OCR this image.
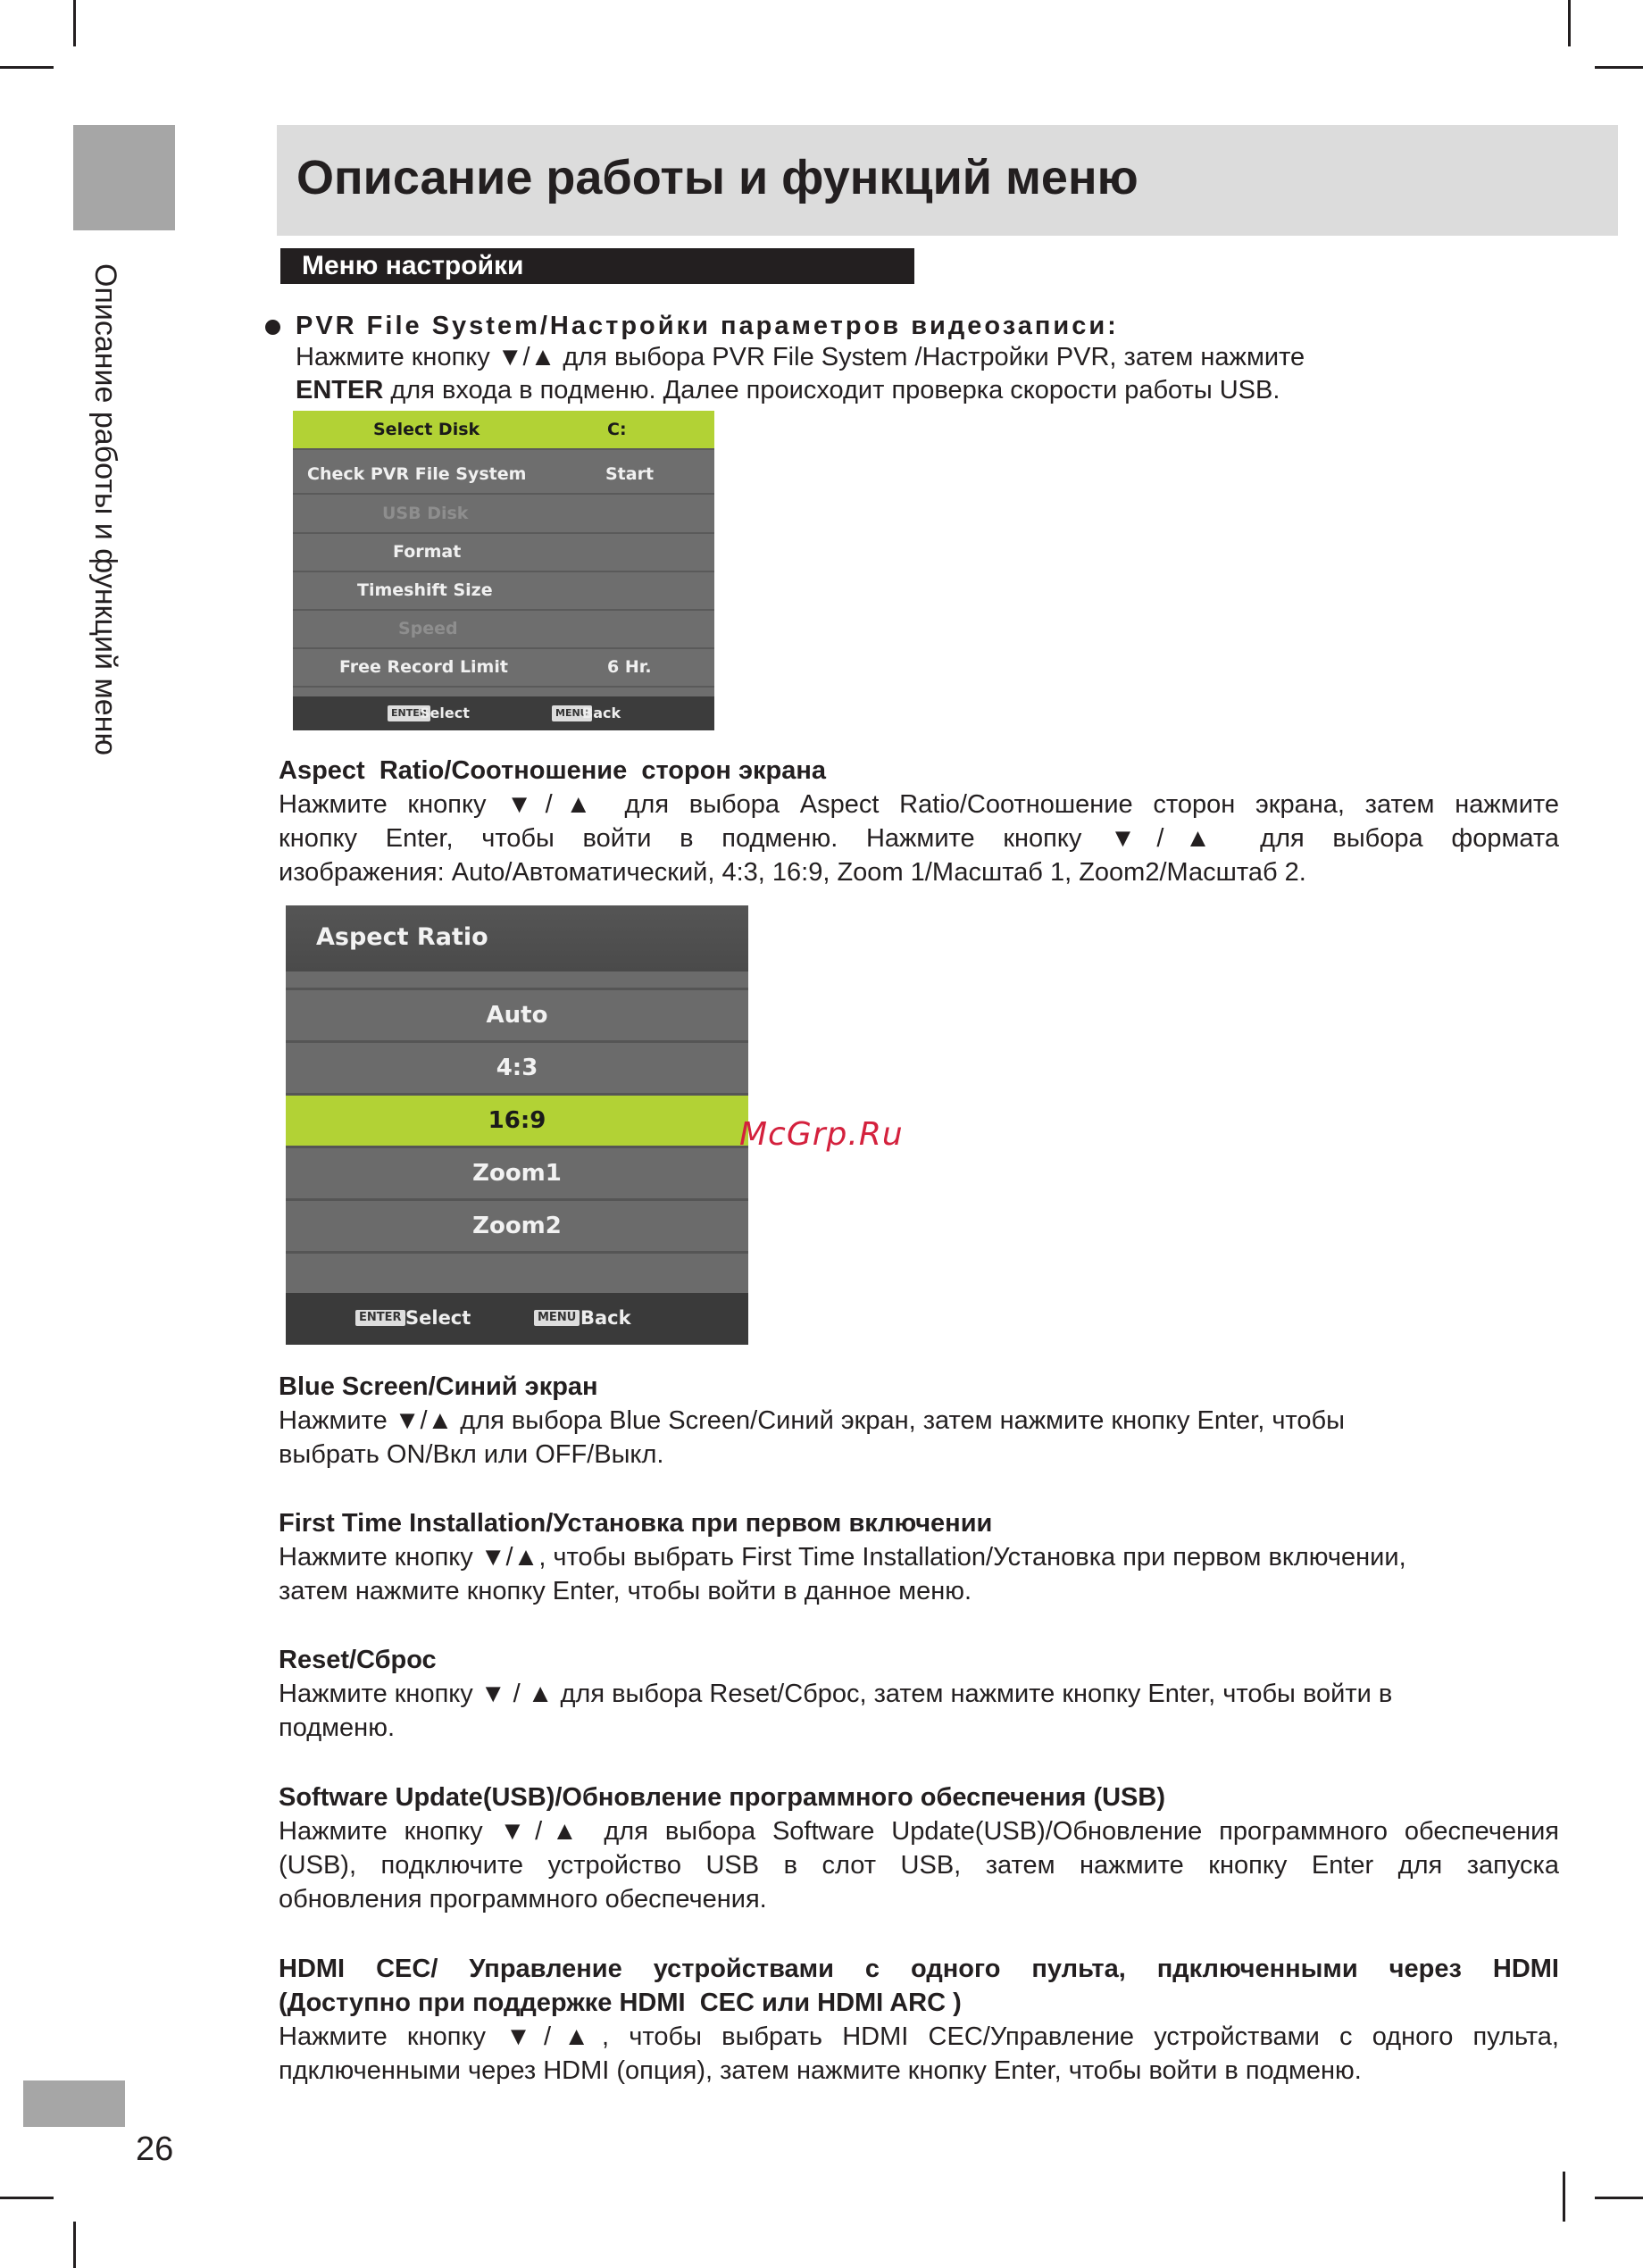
Описание работы и функций меню
Описание работы и функций меню
Меню настройки
PVR File System/Настройки параметров видеозаписи:
Нажмите кнопку ▼/▲ для выбора PVR File System /Настройки PVR, затем нажмите
ENTER для входа в подменю. Далее происходит проверка скорости работы USB.
Select Disk	C:
Check PVR File System	Start
USB Disk
Format
Timeshift Size
Speed
Free Record Limit	6 Hr.
ENTER
Select	MENU
Back
Aspect  Ratio/Соотношение  сторон экрана
Нажмите кнопку ▼/▲ для выбора Aspect Ratio/Соотношение сторон экрана, затем нажмите
кнопку Enter, чтобы войти в подменю. Нажмите кнопку ▼/▲ для выбора формата
изображения: Auto/Автоматический, 4:3, 16:9, Zoom 1/Масштаб 1, Zoom2/Масштаб 2.
Aspect Ratio
Auto
4:3
16:9
Zoom1
Zoom2
ENTER Select	MENU Back
McGrp.Ru
Blue Screen/Синий экран
Нажмите ▼/▲ для выбора Blue Screen/Синий экран, затем нажмите кнопку Enter, чтобы
выбрать ON/Вкл или OFF/Выкл.
First Time Installation/Установка при первом включении
Нажмите кнопку ▼/▲, чтобы выбрать First Time Installation/Установка при первом включении,
затем нажмите кнопку Enter, чтобы войти в данное меню.
Reset/Сброс
Нажмите кнопку ▼ / ▲ для выбора Reset/Сброс, затем нажмите кнопку Enter, чтобы войти в
подменю.
Software Update(USB)/Обновление программного обеспечения (USB)
Нажмите кнопку ▼/▲ для выбора Software Update(USB)/Обновление программного обеспечения
(USB), подключите устройство USB в слот USB, затем нажмите кнопку Enter для запуска
обновления программного обеспечения.
HDMI CEC/ Управление устройствами с одного пульта, пдключенными через HDMI
(Доступно при поддержке HDMI  CEC или HDMI ARC )
Нажмите кнопку ▼/▲, чтобы выбрать HDMI CEC/Управление устройствами с одного пульта,
пдключенными через HDMI (опция), затем нажмите кнопку Enter, чтобы войти в подменю.
26
